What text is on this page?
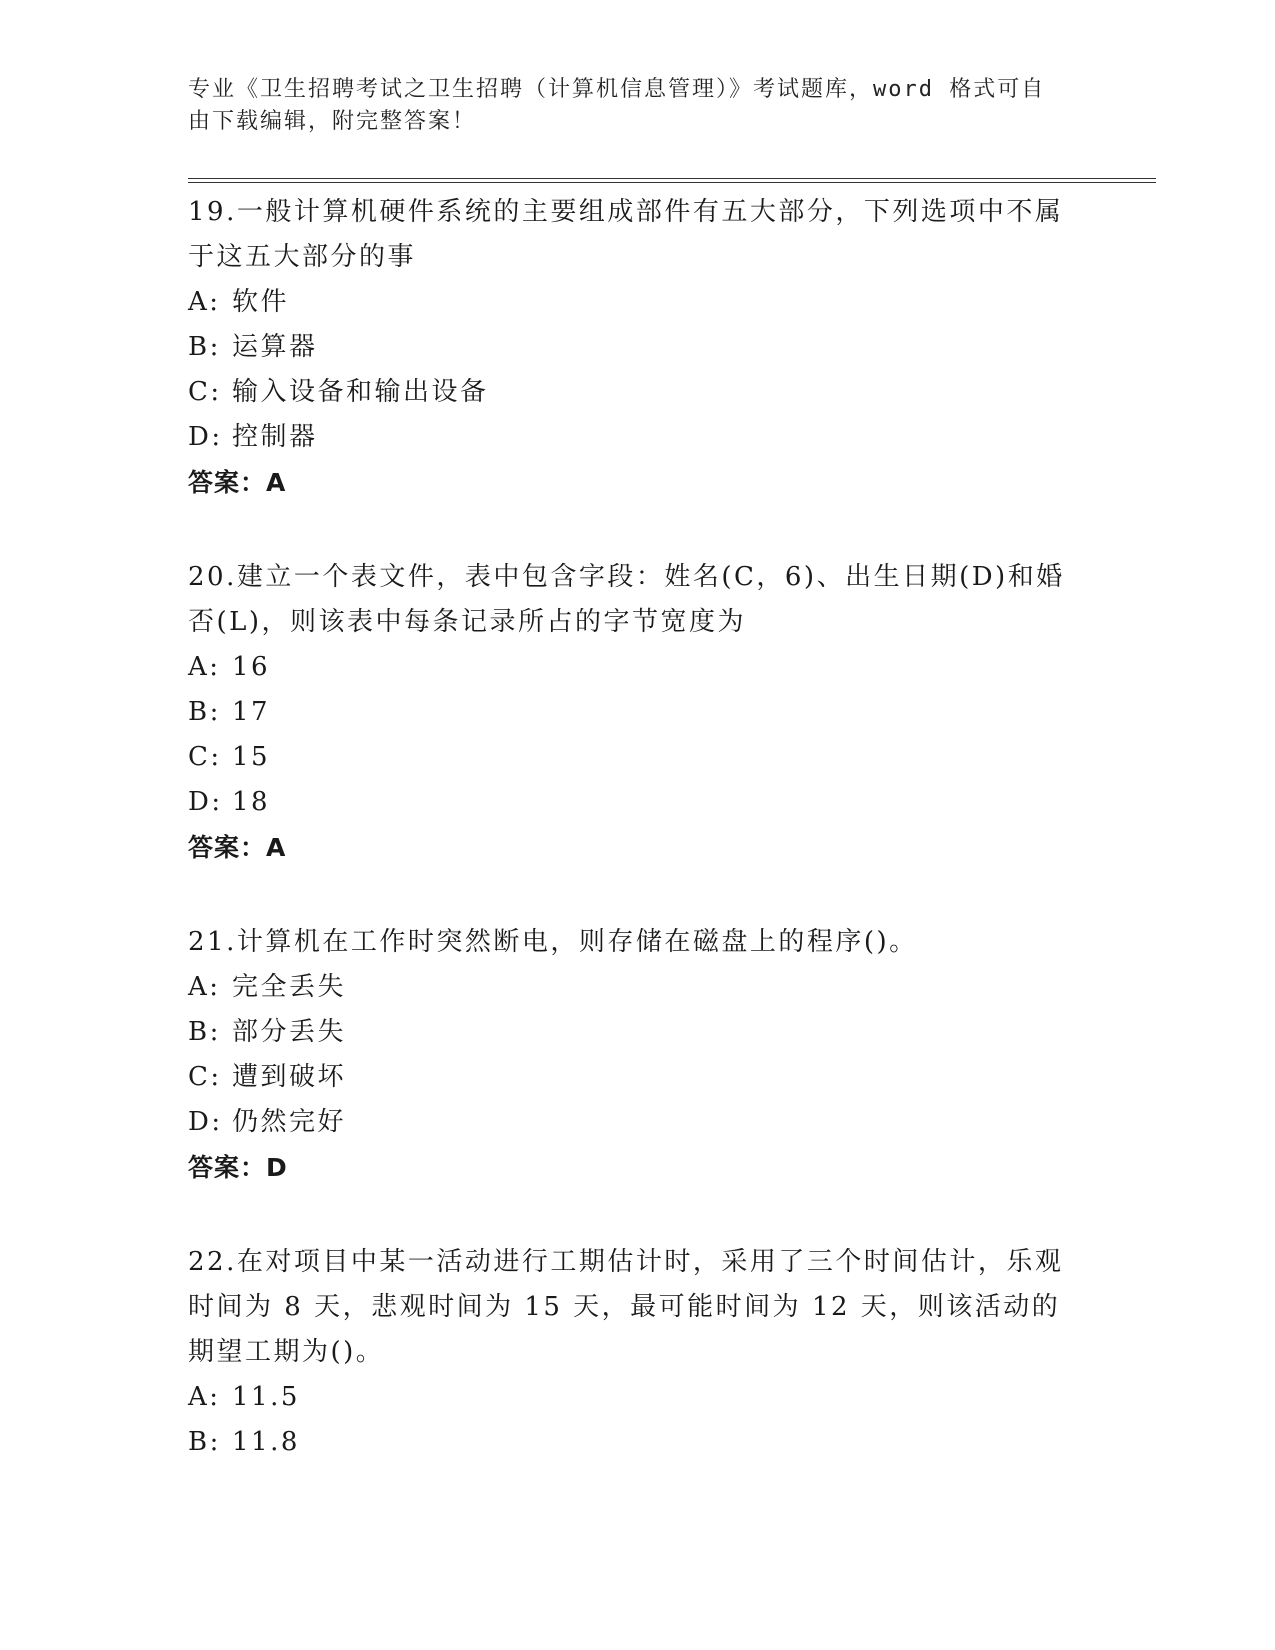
专业《卫生招聘考试之卫生招聘（计算机信息管理）》考试题库，word 格式可自由下载编辑，附完整答案！
19.一般计算机硬件系统的主要组成部件有五大部分，下列选项中不属于这五大部分的事
A: 软件
B: 运算器
C: 输入设备和输出设备
D: 控制器
答案：A
20.建立一个表文件，表中包含字段：姓名(C，6)、出生日期(D)和婚否(L)，则该表中每条记录所占的字节宽度为
A: 16
B: 17
C: 15
D: 18
答案：A
21.计算机在工作时突然断电，则存储在磁盘上的程序()。
A: 完全丢失
B: 部分丢失
C: 遭到破坏
D: 仍然完好
答案：D
22.在对项目中某一活动进行工期估计时，采用了三个时间估计，乐观时间为 8 天，悲观时间为 15 天，最可能时间为 12 天，则该活动的期望工期为()。
A: 11.5
B: 11.8
